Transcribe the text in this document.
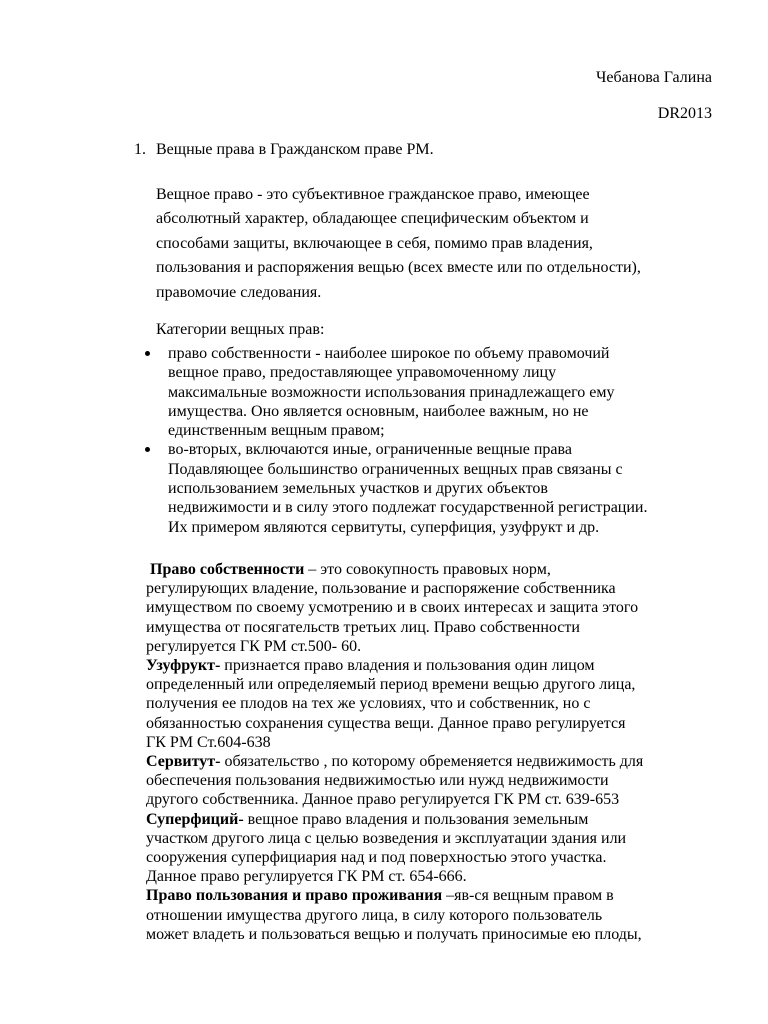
Чебанова Галина
DR2013
1. Вещные права в Гражданском праве РМ.

Вещное право - это субъективное гражданское право, имеющее
абсолютный характер, обладающее специфическим объектом и
способами защиты, включающее в себя, помимо прав владения,
пользования и распоряжения вещью (всех вместе или по отдельности),
правомочие следования.

Категории вещных прав:
право собственности - наиболее широкое по объему правомочий
вещное право, предоставляющее управомоченному лицу
максимальные возможности использования принадлежащего ему
имущества. Оно является основным, наиболее важным, но не
единственным вещным правом;
во-вторых, включаются иные, ограниченные вещные права
Подавляющее большинство ограниченных вещных прав связаны с
использованием земельных участков и других объектов
недвижимости и в силу этого подлежат государственной регистрации.
Их примером являются сервитуты, суперфиция, узуфрукт и др.
Право собственности – это совокупность правовых норм,
регулирующих владение, пользование и распоряжение собственника
имуществом по своему усмотрению и в своих интересах и защита этого
имущества от посягательств третьих лиц. Право собственности
регулируется ГК РМ ст.500- 60.
Узуфрукт- признается право владения и пользования один лицом
определенный или определяемый период времени вещью другого лица,
получения ее плодов на тех же условиях, что и собственник, но с
обязанностью сохранения существа вещи. Данное право регулируется
ГК РМ Ст.604-638
Сервитут- обязательство , по которому обременяется недвижимость для
обеспечения пользования недвижимостью или нужд недвижимости
другого собственника. Данное право регулируется ГК РМ ст. 639-653
Суперфиций- вещное право владения и пользования земельным
участком другого лица с целью возведения и эксплуатации здания или
сооружения суперфициария над и под поверхностью этого участка.
Данное право регулируется ГК РМ ст. 654-666.
Право пользования и право проживания –яв-ся вещным правом в
отношении имущества другого лица, в силу которого пользователь
может владеть и пользоваться вещью и получать приносимые ею плоды,
